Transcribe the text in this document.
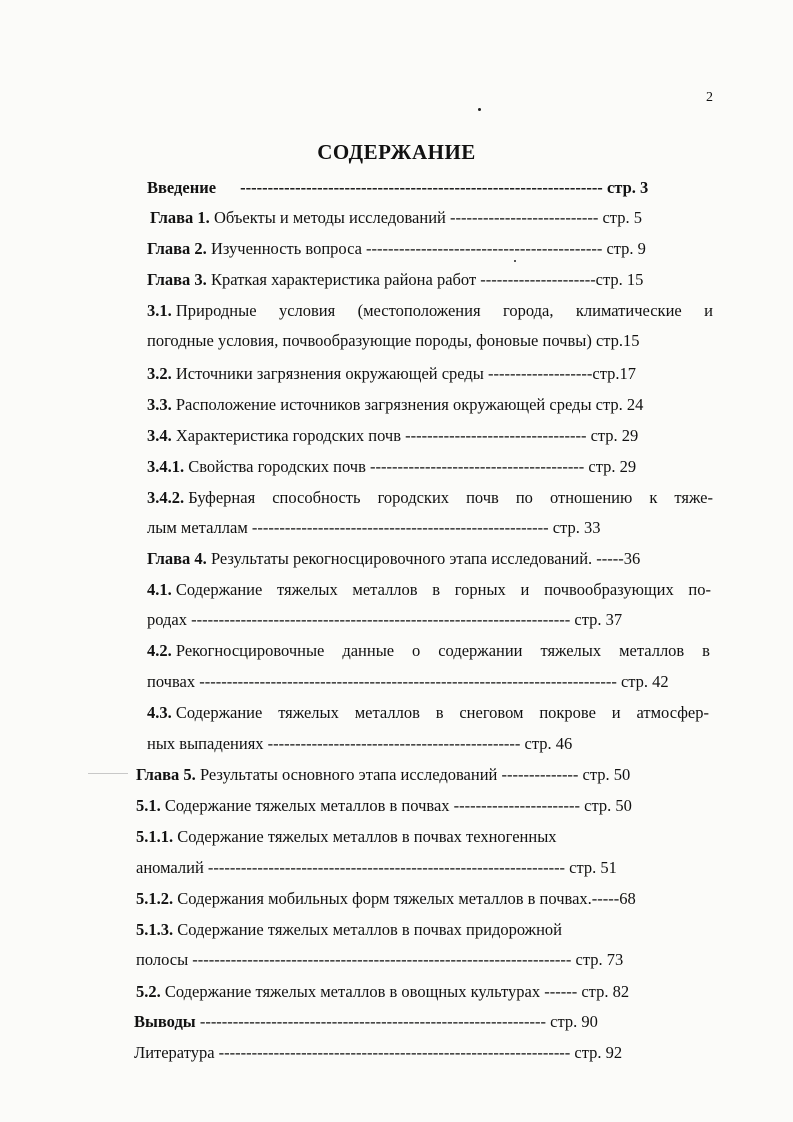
2
СОДЕРЖАНИЕ
Введение ------------------------------------------------------------------ стр. 3
Глава 1. Объекты и методы исследований --------------------------- стр. 5
Глава 2. Изученность вопроса ------------------------------------------- стр. 9
Глава 3. Краткая характеристика района работ ---------------------стр. 15
3.1. Природные условия (местоположения города, климатические и
погодные условия, почвообразующие породы, фоновые почвы) стр.15
3.2. Источники загрязнения окружающей среды -------------------стр.17
3.3. Расположение источников загрязнения окружающей среды стр. 24
3.4. Характеристика городских почв --------------------------------- стр. 29
3.4.1. Свойства городских почв --------------------------------------- стр. 29
3.4.2. Буферная способность городских почв по отношению к тяже-
лым металлам ------------------------------------------------------ стр. 33
Глава 4. Результаты рекогносцировочного этапа исследований. -----36
4.1. Содержание тяжелых металлов в горных и почвообразующих по-
родах --------------------------------------------------------------------- стр. 37
4.2. Рекогносцировочные данные о содержании тяжелых металлов в
почвах ---------------------------------------------------------------------------- стр. 42
4.3. Содержание тяжелых металлов в снеговом покрове и атмосфер-
ных выпадениях ---------------------------------------------- стр. 46
Глава 5. Результаты основного этапа исследований -------------- стр. 50
5.1. Содержание тяжелых металлов в почвах ----------------------- стр. 50
5.1.1. Содержание тяжелых металлов в почвах техногенных
аномалий ----------------------------------------------------------------- стр. 51
5.1.2. Содержания мобильных форм тяжелых металлов в почвах.-----68
5.1.3. Содержание тяжелых металлов в почвах придорожной
полосы --------------------------------------------------------------------- стр. 73
5.2. Содержание тяжелых металлов в овощных культурах ------ стр. 82
Выводы --------------------------------------------------------------- стр. 90
Литература ---------------------------------------------------------------- стр. 92
